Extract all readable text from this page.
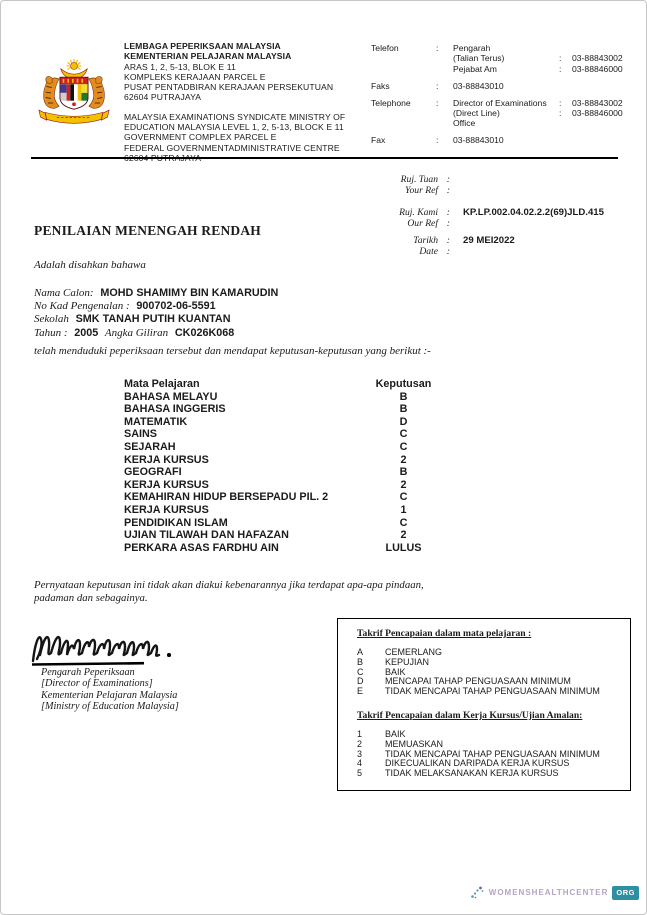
LEMBAGA PEPERIKSAAN MALAYSIA
KEMENTERIAN PELAJARAN MALAYSIA
ARAS 1, 2, 5-13, BLOK E 11
KOMPLEKS KERAJAAN PARCEL E
PUSAT PENTADBIRAN KERAJAAN PERSEKUTUAN
62604 PUTRAJAYA
MALAYSIA EXAMINATIONS SYNDICATE MINISTRY OF
EDUCATION MALAYSIA LEVEL 1, 2, 5-13, BLOCK E 11
GOVERNMENT COMPLEX PARCEL E
FEDERAL GOVERNMENTADMINISTRATIVE CENTRE
Telefon	:	Pengarah
(Talian Terus)	:	03-88843002
Pejabat Am	:	03-88846000
Faks	:	03-88843010
Telephone	:	Director of Examinations	:	03-88843002
(Direct Line)	:	03-88846000
Office
Fax	:	03-88843010
Ruj. Tuan :
Your Ref :
Ruj. Kami : KP.LP.002.04.02.2.2(69)JLD.415
Our Ref :
Tarikh : 29 MEI2022
Date :
PENILAIAN MENENGAH RENDAH
Adalah disahkan bahawa
Nama Calon: MOHD SHAMIMY BIN KAMARUDIN
No Kad Pengenalan : 900702-06-5591
Sekolah SMK TANAH PUTIH KUANTAN
Tahun : 2005 Angka Giliran CK026K068
telah menduduki peperiksaan tersebut dan mendapat keputusan-keputusan yang berikut :-
Mata Pelajaran	Keputusan
BAHASA MELAYU	B
BAHASA INGGERIS	B
MATEMATIK	D
SAINS	C
SEJARAH	C
KERJA KURSUS	2
GEOGRAFI	B
KERJA KURSUS	2
KEMAHIRAN HIDUP BERSEPADU PIL. 2	C
KERJA KURSUS	1
PENDIDIKAN ISLAM	C
UJIAN TILAWAH DAN HAFAZAN	2
PERKARA ASAS FARDHU AIN	LULUS
Pernyataan keputusan ini tidak akan diakui kebenarannya jika terdapat apa-apa pindaan,
padaman dan sebagainya.
Pengarah Peperiksaan
[Director of Examinations]
Kementerian Pelajaran Malaysia
[Ministry of Education Malaysia]
Takrif Pencapaian dalam mata pelajaran :
A	CEMERLANG
B	KEPUJIAN
C	BAIK
D	MENCAPAI TAHAP PENGUASAAN MINIMUM
E	TIDAK MENCAPAI TAHAP PENGUASAAN MINIMUM
Takrif Pencapaian dalam Kerja Kursus/Ujian Amalan:
1	BAIK
2	MEMUASKAN
3	TIDAK MENCAPAI TAHAP PENGUASAAN MINIMUM
4	DIKECUALIKAN DARIPADA KERJA KURSUS
5	TIDAK MELAKSANAKAN KERJA KURSUS
WOMENSHEALTHCENTER	ORG
